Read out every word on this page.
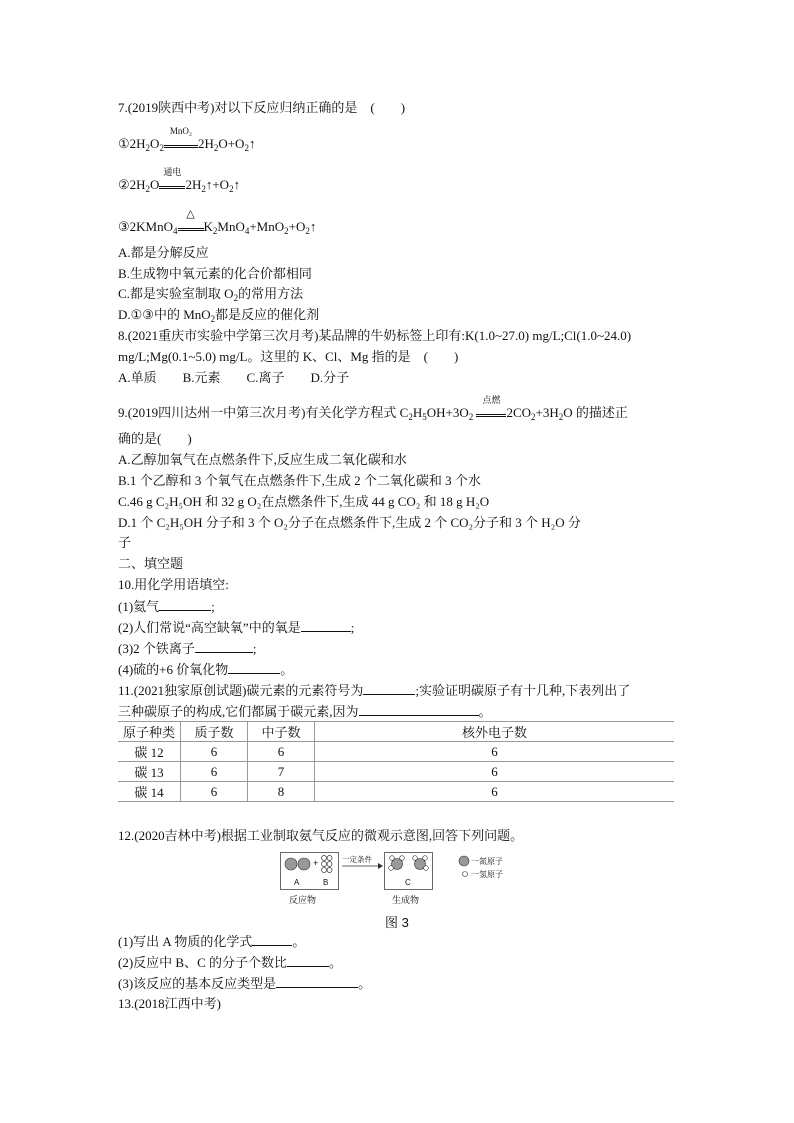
7.(2019陕西中考)对以下反应归纳正确的是　(　　)
$①2H_2O_2$
MnO₂
$2H_2O+O_2↑$
$②2H_2O$
通电
$2H_2↑+O_2↑$
③2KMnO$_4$
△
$K_2MnO_4+MnO_2+O_2↑$
A.都是分解反应
B.生成物中氧元素的化合价都相同
C.都是实验室制取 $O_2$的常用方法
D.①③中的 MnO$_2$都是反应的催化剂
8.(2021重庆市实验中学第三次月考)某品牌的牛奶标签上印有:K(1.0~27.0) mg/L;Cl(1.0~24.0)
mg/L;Mg(0.1~5.0) mg/L。这里的 K、Cl、Mg 指的是　(　　)
A.单质　　B.元素　　C.离子　　D.分子
9.(2019四川达州一中第三次月考)有关化学方程式 $C_2H_5OH+3O_2$
点燃
$2CO_2+3H_2O$ 的描述正
确的是(　　)
A.乙醇加氧气在点燃条件下,反应生成二氧化碳和水
B.1 个乙醇和 3 个氧气在点燃条件下,生成 2 个二氧化碳和 3 个水
C.46 g C₂H₅OH 和 32 g O₂在点燃条件下,生成 44 g CO₂ 和 18 g H₂O
D.1 个 C₂H₅OH 分子和 3 个 O₂分子在点燃条件下,生成 2 个 CO₂分子和 3 个 H₂O 分
子
二、填空题
10.用化学用语填空:
(1)氦气	;
(2)人们常说“高空缺氧”中的氧是	;
(3)2 个铁离子	;
(4)硫的+6 价氧化物	。
11.(2021独家原创试题)碳元素的元素符号为	;实验证明碳原子有十几种,下表列出了
三种碳原子的构成,它们都属于碳元素,因为	。
原子种类	质子数	中子数	核外电子数
碳 12	6	6	6
碳 13	6	7	6
碳 14	6	8	6
12.(2020吉林中考)根据工业制取氨气反应的微观示意图,回答下列问题。
+
A	B
反应物
一定条件
C
生成物
一氮原子
一氢原子
图 3
(1)写出 A 物质的化学式	。
(2)反应中 B、C 的分子个数比	。
(3)该反应的基本反应类型是	。
13.(2018江西中考)
